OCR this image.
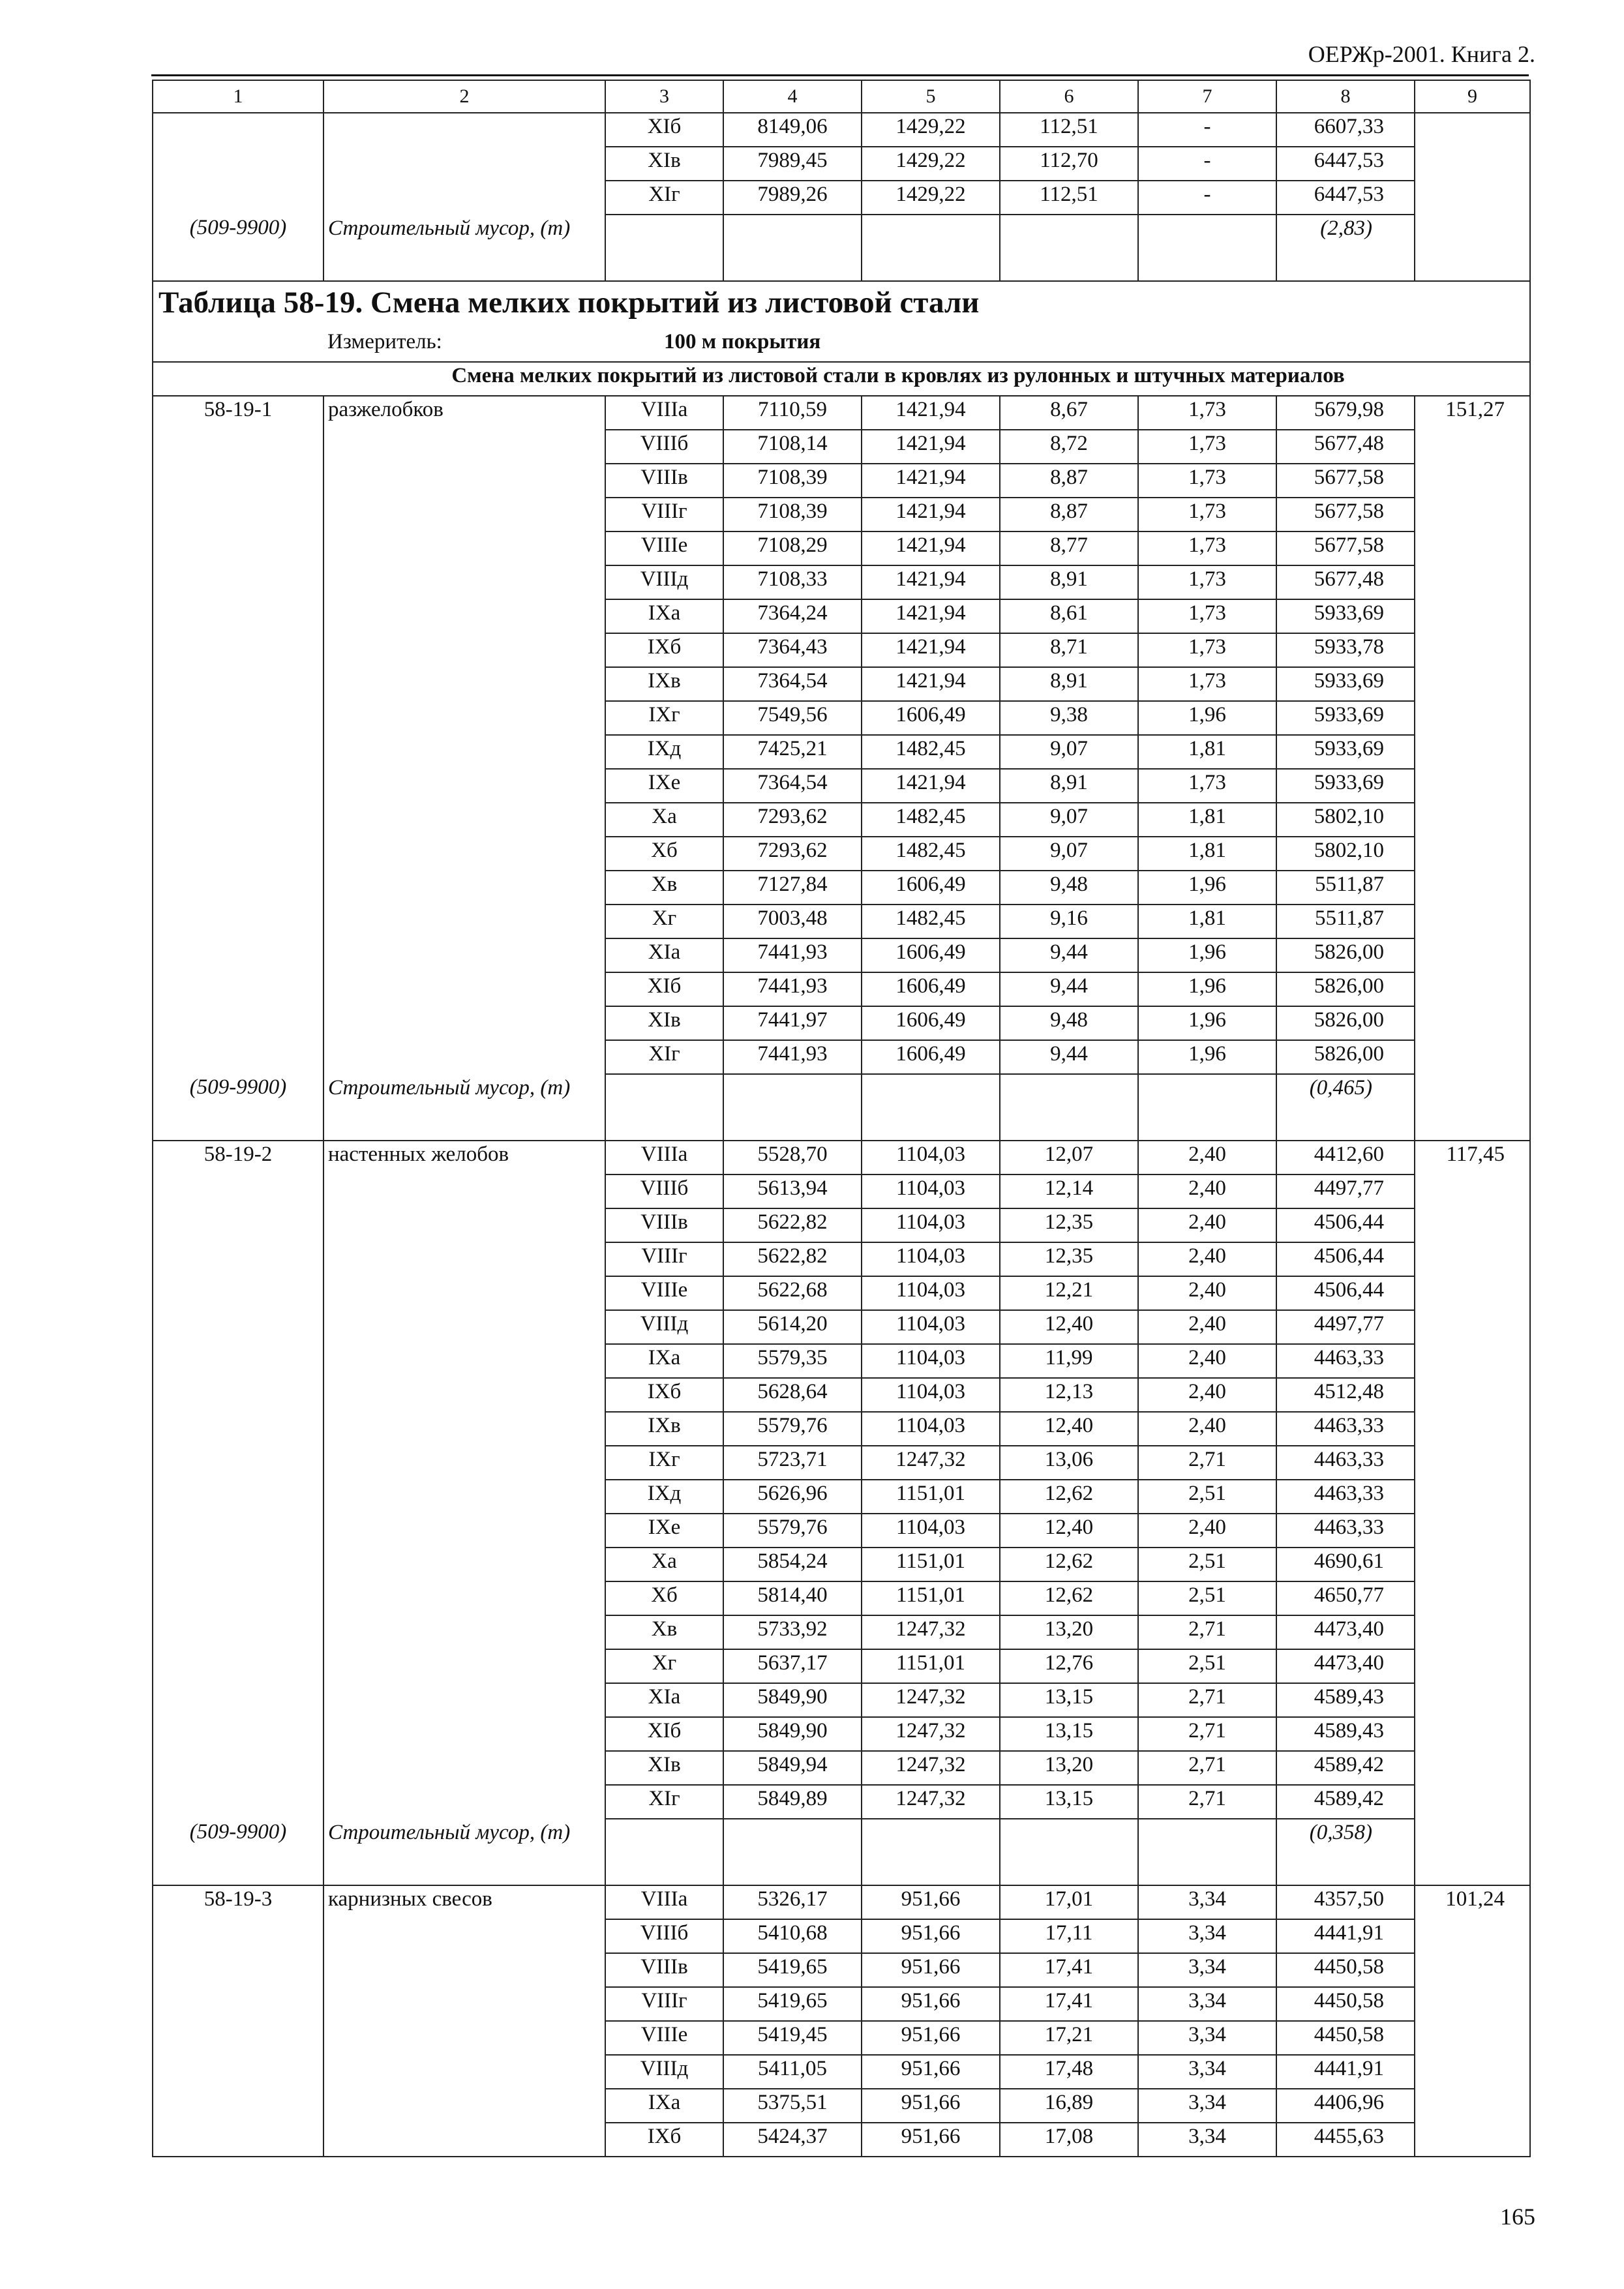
ОЕРЖр-2001. Книга 2.
1	2	3	4	5	6	7	8	9
		XIб	8149,06	1429,22	112,51	-	6607,33	
		XIв	7989,45	1429,22	112,70	-	6447,53	
		XIг	7989,26	1429,22	112,51	-	6447,53	
(509-9900)	Строительный мусор, (т)						(2,83)	
Таблица 58-19. Смена мелких покрытий из листовой стали								
	Измеритель:	100 м покрытия						
Смена мелких покрытий из листовой стали в кровлях из рулонных и штучных материалов								
58-19-1	разжелобков	VIIIа	7110,59	1421,94	8,67	1,73	5679,98	151,27
		VIIIб	7108,14	1421,94	8,72	1,73	5677,48	
		VIIIв	7108,39	1421,94	8,87	1,73	5677,58	
		VIIIг	7108,39	1421,94	8,87	1,73	5677,58	
		VIIIе	7108,29	1421,94	8,77	1,73	5677,58	
		VIIIд	7108,33	1421,94	8,91	1,73	5677,48	
		IXа	7364,24	1421,94	8,61	1,73	5933,69	
		IXб	7364,43	1421,94	8,71	1,73	5933,78	
		IXв	7364,54	1421,94	8,91	1,73	5933,69	
		IXг	7549,56	1606,49	9,38	1,96	5933,69	
		IXд	7425,21	1482,45	9,07	1,81	5933,69	
		IXе	7364,54	1421,94	8,91	1,73	5933,69	
		Xа	7293,62	1482,45	9,07	1,81	5802,10	
		Xб	7293,62	1482,45	9,07	1,81	5802,10	
		Xв	7127,84	1606,49	9,48	1,96	5511,87	
		Xг	7003,48	1482,45	9,16	1,81	5511,87	
		XIа	7441,93	1606,49	9,44	1,96	5826,00	
		XIб	7441,93	1606,49	9,44	1,96	5826,00	
		XIв	7441,97	1606,49	9,48	1,96	5826,00	
		XIг	7441,93	1606,49	9,44	1,96	5826,00	
(509-9900)	Строительный мусор, (т)						(0,465)	
58-19-2	настенных желобов	VIIIа	5528,70	1104,03	12,07	2,40	4412,60	117,45
		VIIIб	5613,94	1104,03	12,14	2,40	4497,77	
		VIIIв	5622,82	1104,03	12,35	2,40	4506,44	
		VIIIг	5622,82	1104,03	12,35	2,40	4506,44	
		VIIIе	5622,68	1104,03	12,21	2,40	4506,44	
		VIIIд	5614,20	1104,03	12,40	2,40	4497,77	
		IXа	5579,35	1104,03	11,99	2,40	4463,33	
		IXб	5628,64	1104,03	12,13	2,40	4512,48	
		IXв	5579,76	1104,03	12,40	2,40	4463,33	
		IXг	5723,71	1247,32	13,06	2,71	4463,33	
		IXд	5626,96	1151,01	12,62	2,51	4463,33	
		IXе	5579,76	1104,03	12,40	2,40	4463,33	
		Xа	5854,24	1151,01	12,62	2,51	4690,61	
		Xб	5814,40	1151,01	12,62	2,51	4650,77	
		Xв	5733,92	1247,32	13,20	2,71	4473,40	
		Xг	5637,17	1151,01	12,76	2,51	4473,40	
		XIа	5849,90	1247,32	13,15	2,71	4589,43	
		XIб	5849,90	1247,32	13,15	2,71	4589,43	
		XIв	5849,94	1247,32	13,20	2,71	4589,42	
		XIг	5849,89	1247,32	13,15	2,71	4589,42	
(509-9900)	Строительный мусор, (т)						(0,358)	
58-19-3	карнизных свесов	VIIIа	5326,17	951,66	17,01	3,34	4357,50	101,24
		VIIIб	5410,68	951,66	17,11	3,34	4441,91	
		VIIIв	5419,65	951,66	17,41	3,34	4450,58	
		VIIIг	5419,65	951,66	17,41	3,34	4450,58	
		VIIIе	5419,45	951,66	17,21	3,34	4450,58	
		VIIIд	5411,05	951,66	17,48	3,34	4441,91	
		IXа	5375,51	951,66	16,89	3,34	4406,96	
		IXб	5424,37	951,66	17,08	3,34	4455,63	
165
